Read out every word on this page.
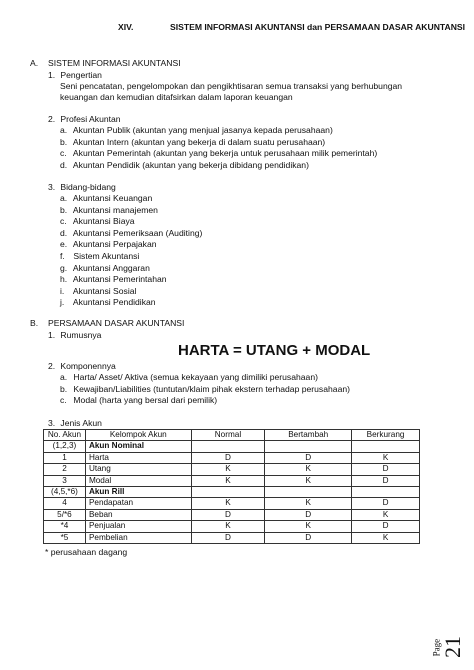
XIV.	SISTEM INFORMASI AKUNTANSI dan PERSAMAAN DASAR AKUNTANSI
A. SISTEM INFORMASI AKUNTANSI
1. Pengertian
Seni pencatatan, pengelompokan dan pengikhtisaran semua transaksi yang berhubungan keuangan dan kemudian ditafsirkan dalam laporan keuangan
2. Profesi Akuntan
a. Akuntan Publik (akuntan yang menjual jasanya kepada perusahaan)
b. Akuntan Intern (akuntan yang bekerja di dalam suatu perusahaan)
c. Akuntan Pemerintah (akuntan yang bekerja untuk perusahaan milik pemerintah)
d. Akuntan Pendidik (akuntan yang bekerja dibidang pendidikan)
3. Bidang-bidang
a. Akuntansi Keuangan
b. Akuntansi manajemen
c. Akuntansi Biaya
d. Akuntansi Pemeriksaan (Auditing)
e. Akuntansi Perpajakan
f. Sistem Akuntansi
g. Akuntansi Anggaran
h. Akuntansi Pemerintahan
i. Akuntansi Sosial
j. Akuntansi Pendidikan
B. PERSAMAAN DASAR AKUNTANSI
1. Rumusnya
HARTA = UTANG + MODAL
2. Komponennya
a. Harta/ Asset/ Aktiva (semua kekayaan yang dimiliki perusahaan)
b. Kewajiban/Liabilities (tuntutan/klaim pihak ekstern terhadap perusahaan)
c. Modal (harta yang bersal dari pemilik)
3. Jenis Akun
No. Akun	Kelompok Akun	Normal	Bertambah	Berkurang
(1,2,3)	Akun Nominal			
1	Harta	D	D	K
2	Utang	K	K	D
3	Modal	K	K	D
(4,5,*6)	Akun Rill			
4	Pendapatan	K	K	D
5/*6	Beban	D	D	K
*4	Penjualan	K	K	D
*5	Pembelian	D	D	K
* perusahaan dagang
Page
21
